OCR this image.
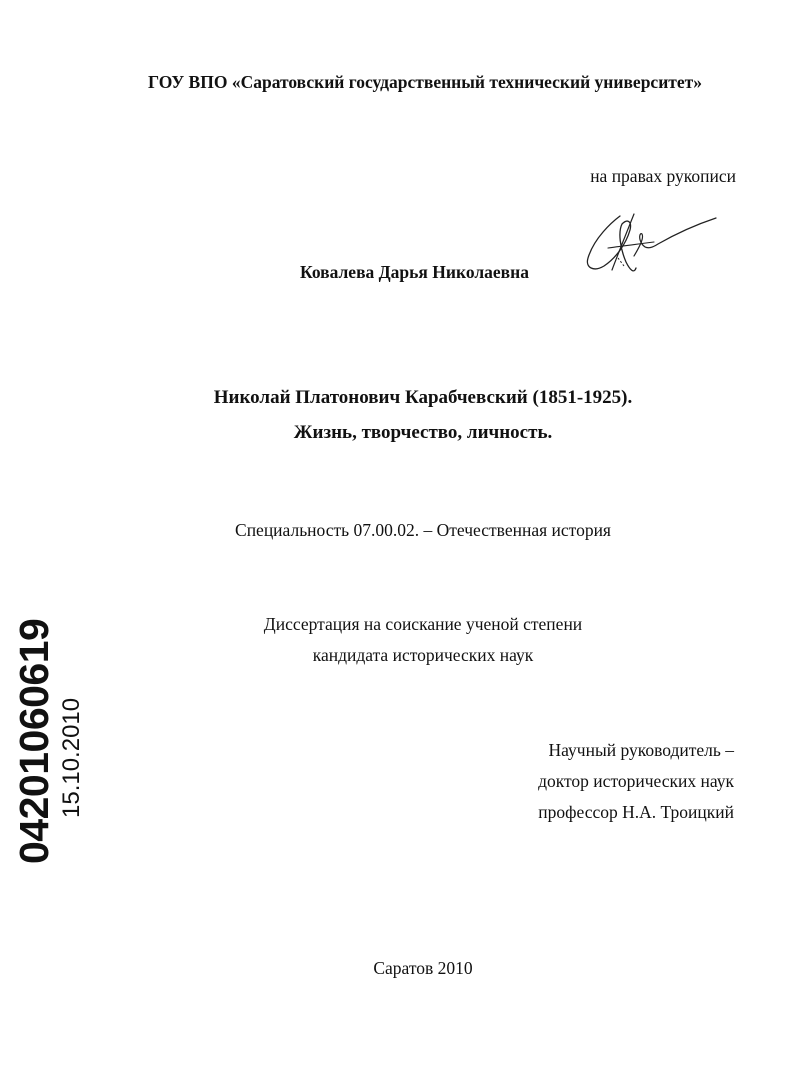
ГОУ ВПО «Саратовский государственный технический университет»
на правах рукописи
Ковалева Дарья Николаевна
Николай Платонович Карабчевский (1851-1925).
Жизнь, творчество, личность.
Специальность 07.00.02. – Отечественная история
Диссертация на соискание ученой степени
кандидата исторических наук
Научный руководитель –
доктор исторических наук
профессор Н.А. Троицкий
Саратов 2010
04201060619 15.10.2010
